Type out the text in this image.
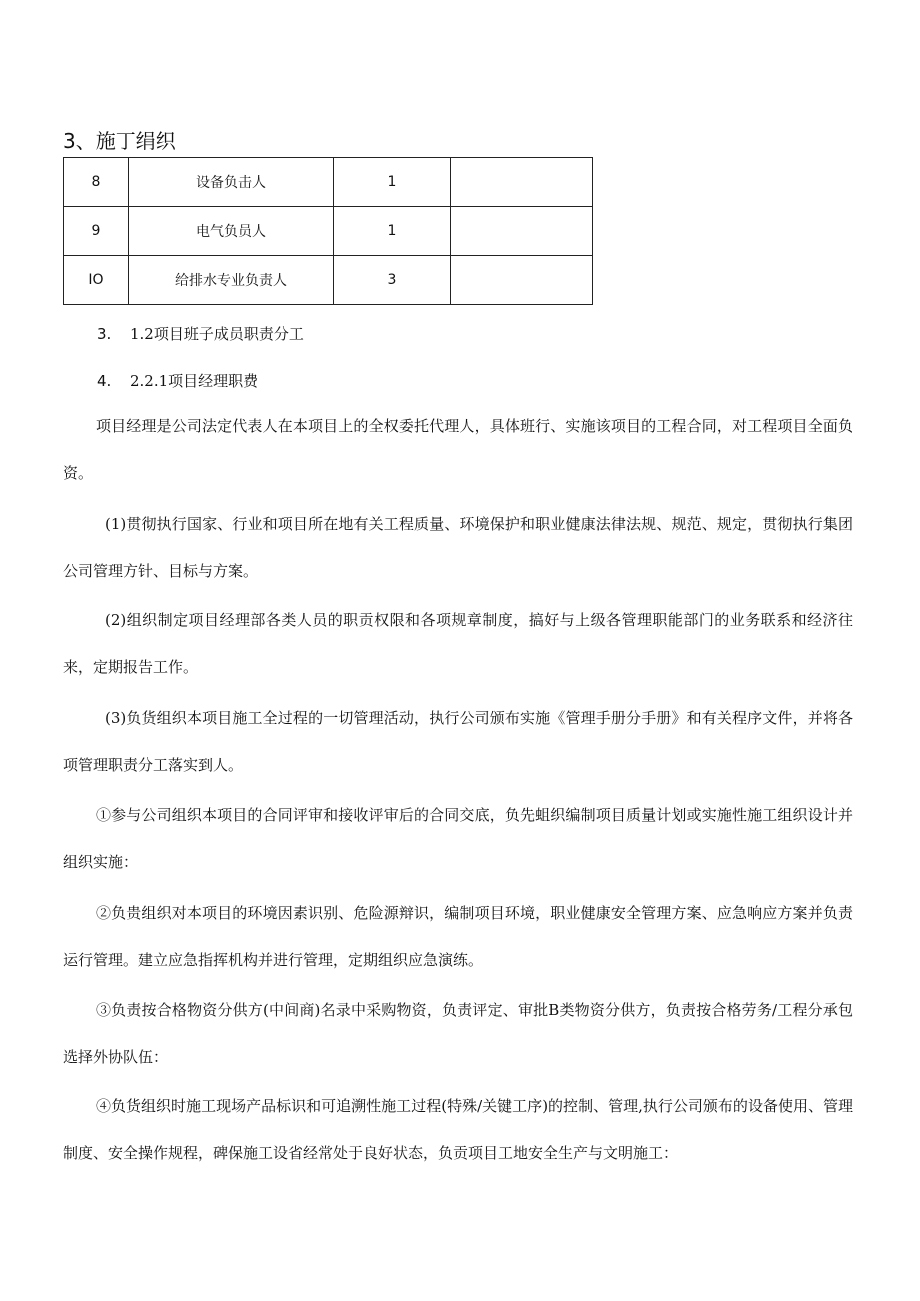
3、施丁绢织
8	设备负击人	1	
9	电气负员人	1	
IO	给排水专业负责人	3	
3. 1.2项目班子成员职责分工
4. 2.2.1项目经理职费

项目经理是公司法定代表人在本项目上的全权委托代理人，具体班行、实施该项目的工程合同，对工程项目全面负资。

(1)贯彻执行国家、行业和项目所在地有关工程质量、环境保护和职业健康法律法规、规范、规定，贯彻执行集团公司管理方针、目标与方案。

(2)组织制定项目经理部各类人员的职贡权限和各项规章制度，搞好与上级各管理职能部门的业务联系和经济往来，定期报告工作。

(3)负货组织本项目施工全过程的一切管理活动，执行公司颁布实施《管理手册分手册》和有关程序文件，并将各项管理职责分工落实到人。

①参与公司组织本项目的合同评审和接收评审后的合同交底，负先蛆织编制项目质量计划或实施性施工组织设计并组织实施：

②负贵组织对本项目的环境因素识别、危险源辩识，编制项目环境，职业健康安全管理方案、应急响应方案并负责运行管理。建立应急指挥机构并进行管理，定期组织应急演练。

③负责按合格物资分供方(中间商)名录中采购物资，负责评定、审批B类物资分供方，负责按合格劳务/工程分承包选择外协队伍：

④负货组织时施工现场产品标识和可追溯性施工过程(特殊/关键工序)的控制、管理,执行公司颁布的设备使用、管理制度、安全操作规程，碑保施工设省经常处于良好状态，负贡项目工地安全生产与文明施工：
